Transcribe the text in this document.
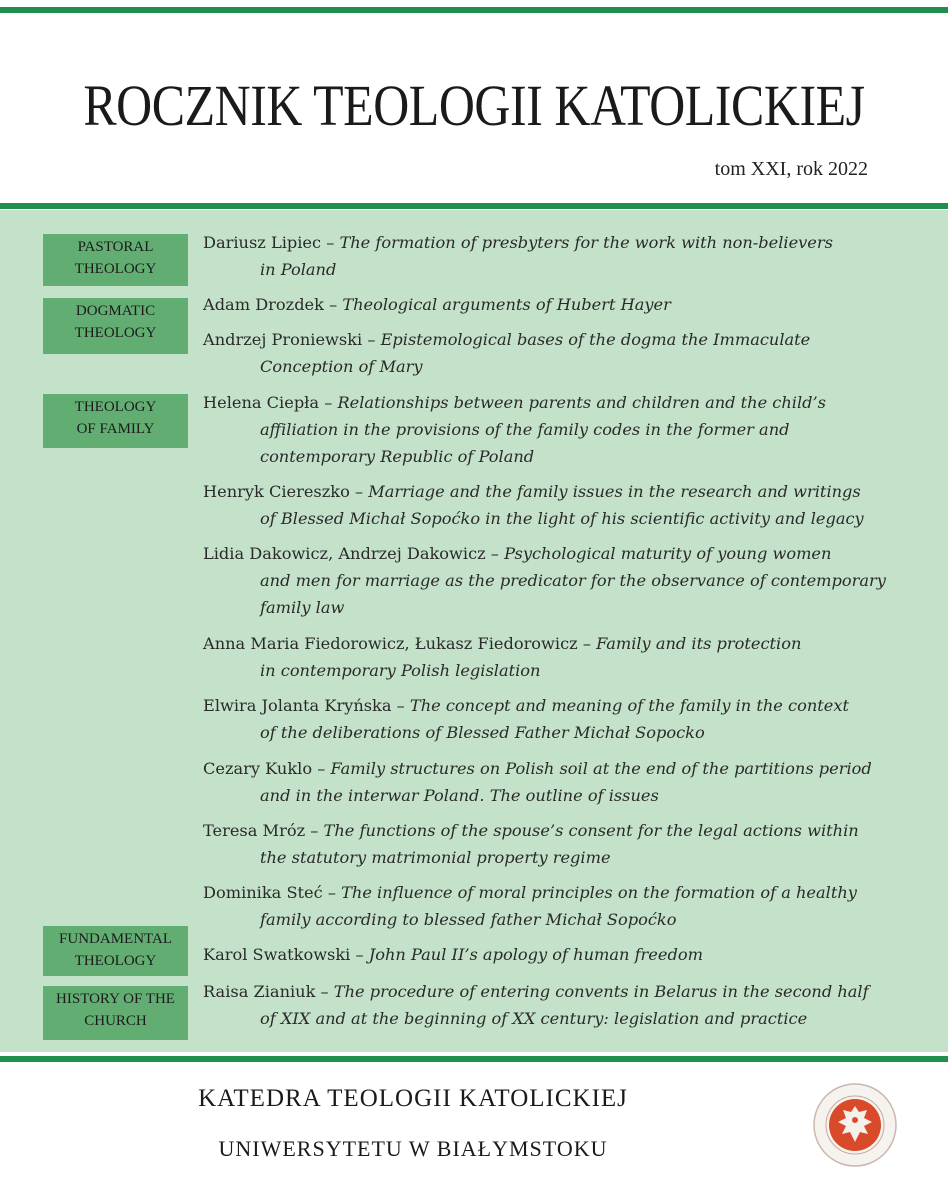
ROCZNIK TEOLOGII KATOLICKIEJ
tom XXI, rok 2022
PASTORAL
THEOLOGY
DOGMATIC
THEOLOGY
THEOLOGY
OF FAMILY
FUNDAMENTAL
THEOLOGY
HISTORY OF THE
CHURCH
Dariusz Lipiec – The formation of presbyters for the work with non-believers
in Poland
Adam Drozdek – Theological arguments of Hubert Hayer
Andrzej Proniewski – Epistemological bases of the dogma the Immaculate
Conception of Mary
Helena Ciepła – Relationships between parents and children and the child’s
affiliation in the provisions of the family codes in the former and
contemporary Republic of Poland
Henryk Ciereszko – Marriage and the family issues in the research and writings
of Blessed Michał Sopoćko in the light of his scientific activity and legacy
Lidia Dakowicz, Andrzej Dakowicz – Psychological maturity of young women
and men for marriage as the predicator for the observance of contemporary
family law
Anna Maria Fiedorowicz, Łukasz Fiedorowicz – Family and its protection
in contemporary Polish legislation
Elwira Jolanta Kryńska – The concept and meaning of the family in the context
of the deliberations of Blessed Father Michał Sopocko
Cezary Kuklo – Family structures on Polish soil at the end of the partitions period
and in the interwar Poland. The outline of issues
Teresa Mróz – The functions of the spouse’s consent for the legal actions within
the statutory matrimonial property regime
Dominika Steć – The influence of moral principles on the formation of a healthy
family according to blessed father Michał Sopoćko
Karol Swatkowski – John Paul II’s apology of human freedom
Raisa Zianiuk – The procedure of entering convents in Belarus in the second half
of XIX and at the beginning of XX century: legislation and practice
KATEDRA TEOLOGII KATOLICKIEJ
UNIWERSYTETU W BIAŁYMSTOKU
